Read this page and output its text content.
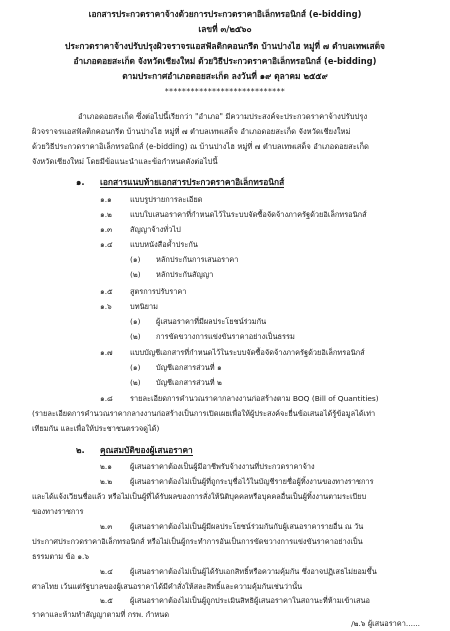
เอกสารประกวดราคาจ้างด้วยการประกวดราคาอิเล็กทรอนิกส์ (e-bidding)
เลขที่ ๓/๒๕๖๐
ประกวดราคาจ้างปรับปรุงผิวจราจรแอสฟัลติกคอนกรีต บ้านปางไฮ หมู่ที่ ๗ ตำบลเทพเสด็จ
อำเภอดอยสะเก็ด จังหวัดเชียงใหม่ ด้วยวิธีประกวดราคาอิเล็กทรอนิกส์ (e-bidding)
ตามประกาศอำเภอดอยสะเก็ด ลงวันที่ ๑๙ ตุลาคม ๒๕๕๙
****************************
อำเภอดอยสะเก็ด ซึ่งต่อไปนี้เรียกว่า "อำเภอ" มีความประสงค์จะประกวดราคาจ้างปรับปรุง
ผิวจราจรแอสฟัลติกคอนกรีต บ้านปางไฮ หมู่ที่ ๗ ตำบลเทพเสด็จ อำเภอดอยสะเก็ด จังหวัดเชียงใหม่
ด้วยวิธีประกวดราคาอิเล็กทรอนิกส์ (e-bidding) ณ บ้านปางไฮ หมู่ที่ ๗ ตำบลเทพเสด็จ อำเภอดอยสะเก็ด
จังหวัดเชียงใหม่ โดยมีข้อแนะนำและข้อกำหนดดังต่อไปนี้
๑. เอกสารแนบท้ายเอกสารประกวดราคาอิเล็กทรอนิกส์
๑.๑ แบบรูปรายการละเอียด
๑.๒ แบบใบเสนอราคาที่กำหนดไว้ในระบบจัดซื้อจัดจ้างภาครัฐด้วยอิเล็กทรอนิกส์
๑.๓ สัญญาจ้างทั่วไป
๑.๔ แบบหนังสือค้ำประกัน
(๑) หลักประกันการเสนอราคา
(๒) หลักประกันสัญญา
๑.๕ สูตรการปรับราคา
๑.๖ บทนิยาม
(๑) ผู้เสนอราคาที่มีผลประโยชน์ร่วมกัน
(๒) การขัดขวางการแข่งขันราคาอย่างเป็นธรรม
๑.๗ แบบบัญชีเอกสารที่กำหนดไว้ในระบบจัดซื้อจัดจ้างภาครัฐด้วยอิเล็กทรอนิกส์
(๑) บัญชีเอกสารส่วนที่ ๑
(๒) บัญชีเอกสารส่วนที่ ๒
๑.๘ รายละเอียดการคำนวณราคากลางงานก่อสร้างตาม BOQ (Bill of Quantities)
(รายละเอียดการคำนวณราคากลางงานก่อสร้างเป็นการเปิดเผยเพื่อให้ผู้ประสงค์จะยื่นข้อเสนอได้รู้ข้อมูลได้เท่า
เทียมกัน และเพื่อให้ประชาชนตรวจดูได้)
๒. คุณสมบัติของผู้เสนอราคา
๒.๑ ผู้เสนอราคาต้องเป็นผู้มีอาชีพรับจ้างงานที่ประกวดราคาจ้าง
๒.๒ ผู้เสนอราคาต้องไม่เป็นผู้ที่ถูกระบุชื่อไว้ในบัญชีรายชื่อผู้ทิ้งงานของทางราชการ
และได้แจ้งเวียนชื่อแล้ว หรือไม่เป็นผู้ที่ได้รับผลของการสั่งให้นิติบุคคลหรือบุคคลอื่นเป็นผู้ทิ้งงานตามระเบียบ
ของทางราชการ
๒.๓ ผู้เสนอราคาต้องไม่เป็นผู้มีผลประโยชน์ร่วมกันกับผู้เสนอราคารายอื่น ณ วัน
ประกาศประกวดราคาอิเล็กทรอนิกส์ หรือไม่เป็นผู้กระทำการอันเป็นการขัดขวางการแข่งขันราคาอย่างเป็น
ธรรมตาม ข้อ ๑.๖
๒.๔ ผู้เสนอราคาต้องไม่เป็นผู้ได้รับเอกสิทธิ์หรือความคุ้มกัน ซึ่งอาจปฏิเสธไม่ยอมขึ้น
ศาลไทย เว้นแต่รัฐบาลของผู้เสนอราคาได้มีคำสั่งให้สละสิทธิ์และความคุ้มกันเช่นว่านั้น
๒.๕ ผู้เสนอราคาต้องไม่เป็นผู้ถูกประเมินสิทธิผู้เสนอราคาในสถานะที่ห้ามเข้าเสนอ
ราคาและห้ามทำสัญญาตามที่ กรพ. กำหนด
/๒.๖ ผู้เสนอราคา......
